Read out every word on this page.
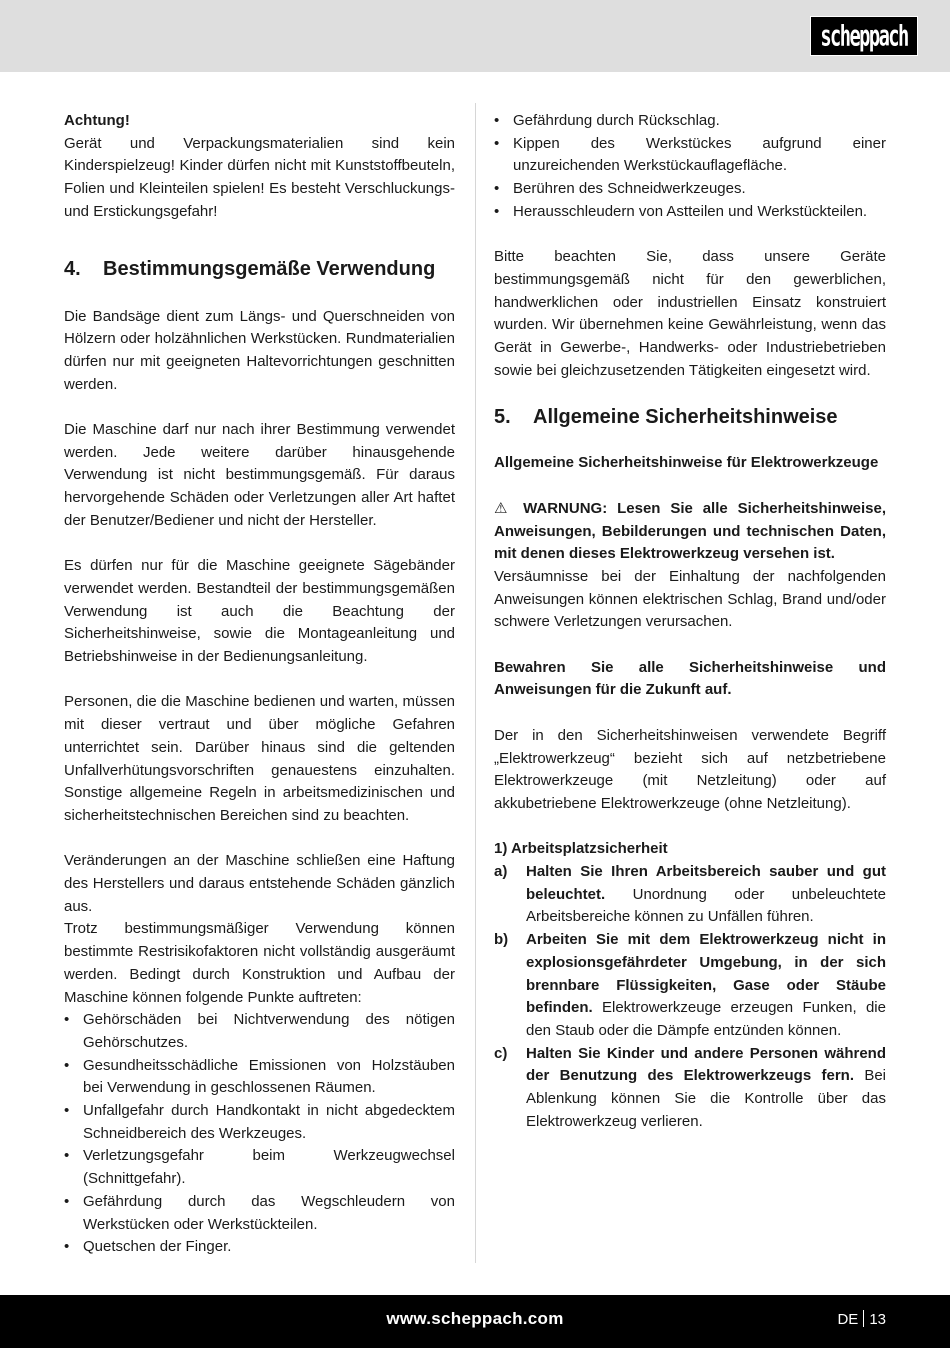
scheppach

Achtung!

Gerät und Verpackungsmaterialien sind kein Kinderspielzeug! Kinder dürfen nicht mit Kunststoffbeuteln, Folien und Kleinteilen spielen! Es besteht Verschluckungs- und Erstickungsgefahr!

4. Bestimmungsgemäße Verwendung

Die Bandsäge dient zum Längs- und Querschneiden von Hölzern oder holzähnlichen Werkstücken. Rundmaterialien dürfen nur mit geeigneten Haltevorrichtungen geschnitten werden.

Die Maschine darf nur nach ihrer Bestimmung verwendet werden. Jede weitere darüber hinausgehende Verwendung ist nicht bestimmungsgemäß. Für daraus hervorgehende Schäden oder Verletzungen aller Art haftet der Benutzer/Bediener und nicht der Hersteller.

Es dürfen nur für die Maschine geeignete Sägebänder verwendet werden. Bestandteil der bestimmungsgemäßen Verwendung ist auch die Beachtung der Sicherheitshinweise, sowie die Montageanleitung und Betriebshinweise in der Bedienungsanleitung.

Personen, die die Maschine bedienen und warten, müssen mit dieser vertraut und über mögliche Gefahren unterrichtet sein. Darüber hinaus sind die geltenden Unfallverhütungsvorschriften genauestens einzuhalten. Sonstige allgemeine Regeln in arbeitsmedizinischen und sicherheitstechnischen Bereichen sind zu beachten.

Veränderungen an der Maschine schließen eine Haftung des Herstellers und daraus entstehende Schäden gänzlich aus.

Trotz bestimmungsmäßiger Verwendung können bestimmte Restrisikofaktoren nicht vollständig ausgeräumt werden. Bedingt durch Konstruktion und Aufbau der Maschine können folgende Punkte auftreten:

• Gehörschäden bei Nichtverwendung des nötigen Gehörschutzes.
• Gesundheitsschädliche Emissionen von Holzstäuben bei Verwendung in geschlossenen Räumen.
• Unfallgefahr durch Handkontakt in nicht abgedecktem Schneidbereich des Werkzeuges.
• Verletzungsgefahr beim Werkzeugwechsel (Schnittgefahr).
• Gefährdung durch das Wegschleudern von Werkstücken oder Werkstückteilen.
• Quetschen der Finger.
• Gefährdung durch Rückschlag.
• Kippen des Werkstückes aufgrund einer unzureichenden Werkstückauflagefläche.
• Berühren des Schneidwerkzeuges.
• Herausschleudern von Astteilen und Werkstückteilen.

Bitte beachten Sie, dass unsere Geräte bestimmungsgemäß nicht für den gewerblichen, handwerklichen oder industriellen Einsatz konstruiert wurden. Wir übernehmen keine Gewährleistung, wenn das Gerät in Gewerbe-, Handwerks- oder Industriebetrieben sowie bei gleichzusetzenden Tätigkeiten eingesetzt wird.

5. Allgemeine Sicherheitshinweise

Allgemeine Sicherheitshinweise für Elektrowerkzeuge

⚠ WARNUNG: Lesen Sie alle Sicherheitshinweise, Anweisungen, Bebilderungen und technischen Daten, mit denen dieses Elektrowerkzeug versehen ist.

Versäumnisse bei der Einhaltung der nachfolgenden Anweisungen können elektrischen Schlag, Brand und/oder schwere Verletzungen verursachen.

Bewahren Sie alle Sicherheitshinweise und Anweisungen für die Zukunft auf.

Der in den Sicherheitshinweisen verwendete Begriff „Elektrowerkzeug“ bezieht sich auf netzbetriebene Elektrowerkzeuge (mit Netzleitung) oder auf akkubetriebene Elektrowerkzeuge (ohne Netzleitung).

1) Arbeitsplatzsicherheit

a) Halten Sie Ihren Arbeitsbereich sauber und gut beleuchtet. Unordnung oder unbeleuchtete Arbeitsbereiche können zu Unfällen führen.
b) Arbeiten Sie mit dem Elektrowerkzeug nicht in explosionsgefährdeter Umgebung, in der sich brennbare Flüssigkeiten, Gase oder Stäube befinden. Elektrowerkzeuge erzeugen Funken, die den Staub oder die Dämpfe entzünden können.
c) Halten Sie Kinder und andere Personen während der Benutzung des Elektrowerkzeugs fern. Bei Ablenkung können Sie die Kontrolle über das Elektrowerkzeug verlieren.
www.scheppach.com	DE 13
